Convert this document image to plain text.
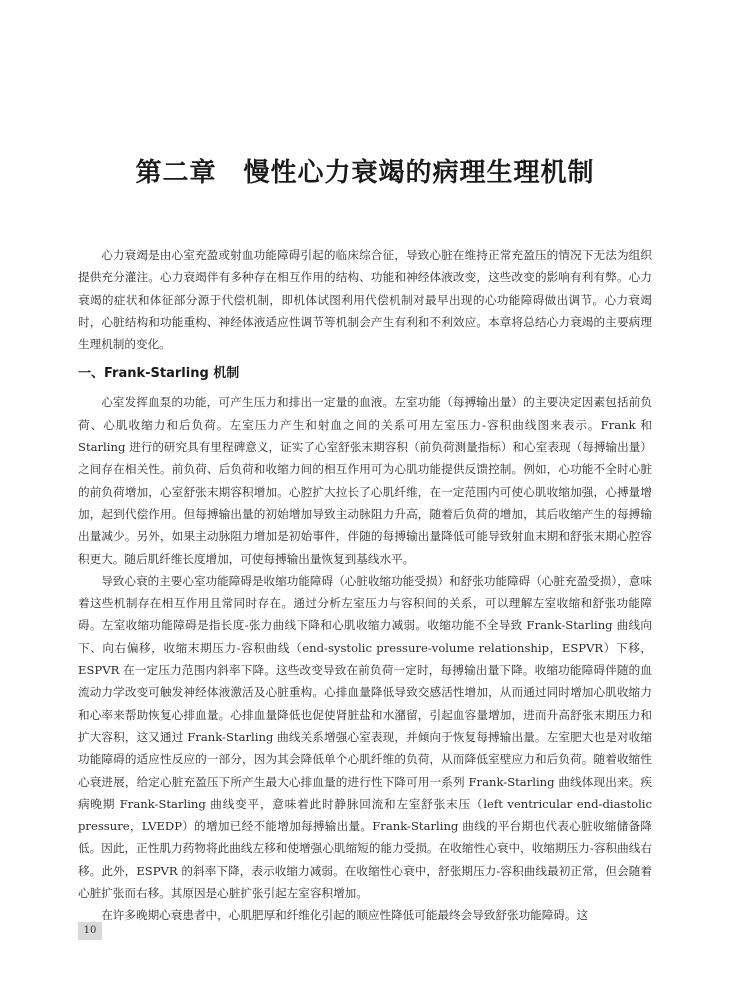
第二章　慢性心力衰竭的病理生理机制

心力衰竭是由心室充盈或射血功能障碍引起的临床综合征，导致心脏在维持正常充盈压的情况下无法为组织提供充分灌注。心力衰竭伴有多种存在相互作用的结构、功能和神经体液改变，这些改变的影响有利有弊。心力衰竭的症状和体征部分源于代偿机制，即机体试图利用代偿机制对最早出现的心功能障碍做出调节。心力衰竭时，心脏结构和功能重构、神经体液适应性调节等机制会产生有利和不利效应。本章将总结心力衰竭的主要病理生理机制的变化。

一、Frank-Starling 机制

心室发挥血泵的功能，可产生压力和排出一定量的血液。左室功能（每搏输出量）的主要决定因素包括前负荷、心肌收缩力和后负荷。左室压力产生和射血之间的关系可用左室压力-容积曲线图来表示。Frank 和 Starling 进行的研究具有里程碑意义，证实了心室舒张末期容积（前负荷测量指标）和心室表现（每搏输出量）之间存在相关性。前负荷、后负荷和收缩力间的相互作用可为心肌功能提供反馈控制。例如，心功能不全时心脏的前负荷增加，心室舒张末期容积增加。心腔扩大拉长了心肌纤维，在一定范围内可使心肌收缩加强，心搏量增加，起到代偿作用。但每搏输出量的初始增加导致主动脉阻力升高，随着后负荷的增加，其后收缩产生的每搏输出量减少。另外，如果主动脉阻力增加是初始事件，伴随的每搏输出量降低可能导致射血末期和舒张末期心腔容积更大。随后肌纤维长度增加，可使每搏输出量恢复到基线水平。

导致心衰的主要心室功能障碍是收缩功能障碍（心脏收缩功能受损）和舒张功能障碍（心脏充盈受损），意味着这些机制存在相互作用且常同时存在。通过分析左室压力与容积间的关系，可以理解左室收缩和舒张功能障碍。左室收缩功能障碍是指长度-张力曲线下降和心肌收缩力减弱。收缩功能不全导致 Frank-Starling 曲线向下、向右偏移，收缩末期压力-容积曲线（end-systolic pressure-volume relationship，ESPVR）下移，ESPVR 在一定压力范围内斜率下降。这些改变导致在前负荷一定时，每搏输出量下降。收缩功能障碍伴随的血流动力学改变可触发神经体液激活及心脏重构。心排血量降低导致交感活性增加，从而通过同时增加心肌收缩力和心率来帮助恢复心排血量。心排血量降低也促使肾脏盐和水潴留，引起血容量增加，进而升高舒张末期压力和扩大容积，这又通过 Frank-Starling 曲线关系增强心室表现，并倾向于恢复每搏输出量。左室肥大也是对收缩功能障碍的适应性反应的一部分，因为其会降低单个心肌纤维的负荷，从而降低室壁应力和后负荷。随着收缩性心衰进展，给定心脏充盈压下所产生最大心排血量的进行性下降可用一系列 Frank-Starling 曲线体现出来。疾病晚期 Frank-Starling 曲线变平，意味着此时静脉回流和左室舒张末压（left ventricular end-diastolic pressure，LVEDP）的增加已经不能增加每搏输出量。Frank-Starling 曲线的平台期也代表心脏收缩储备降低。因此，正性肌力药物将此曲线左移和使增强心肌缩短的能力受损。在收缩性心衰中，收缩期压力-容积曲线右移。此外，ESPVR 的斜率下降，表示收缩力减弱。在收缩性心衰中，舒张期压力-容积曲线最初正常，但会随着心脏扩张而右移。其原因是心脏扩张引起左室容积增加。

在许多晚期心衰患者中，心肌肥厚和纤维化引起的顺应性降低可能最终会导致舒张功能障碍。这

10
